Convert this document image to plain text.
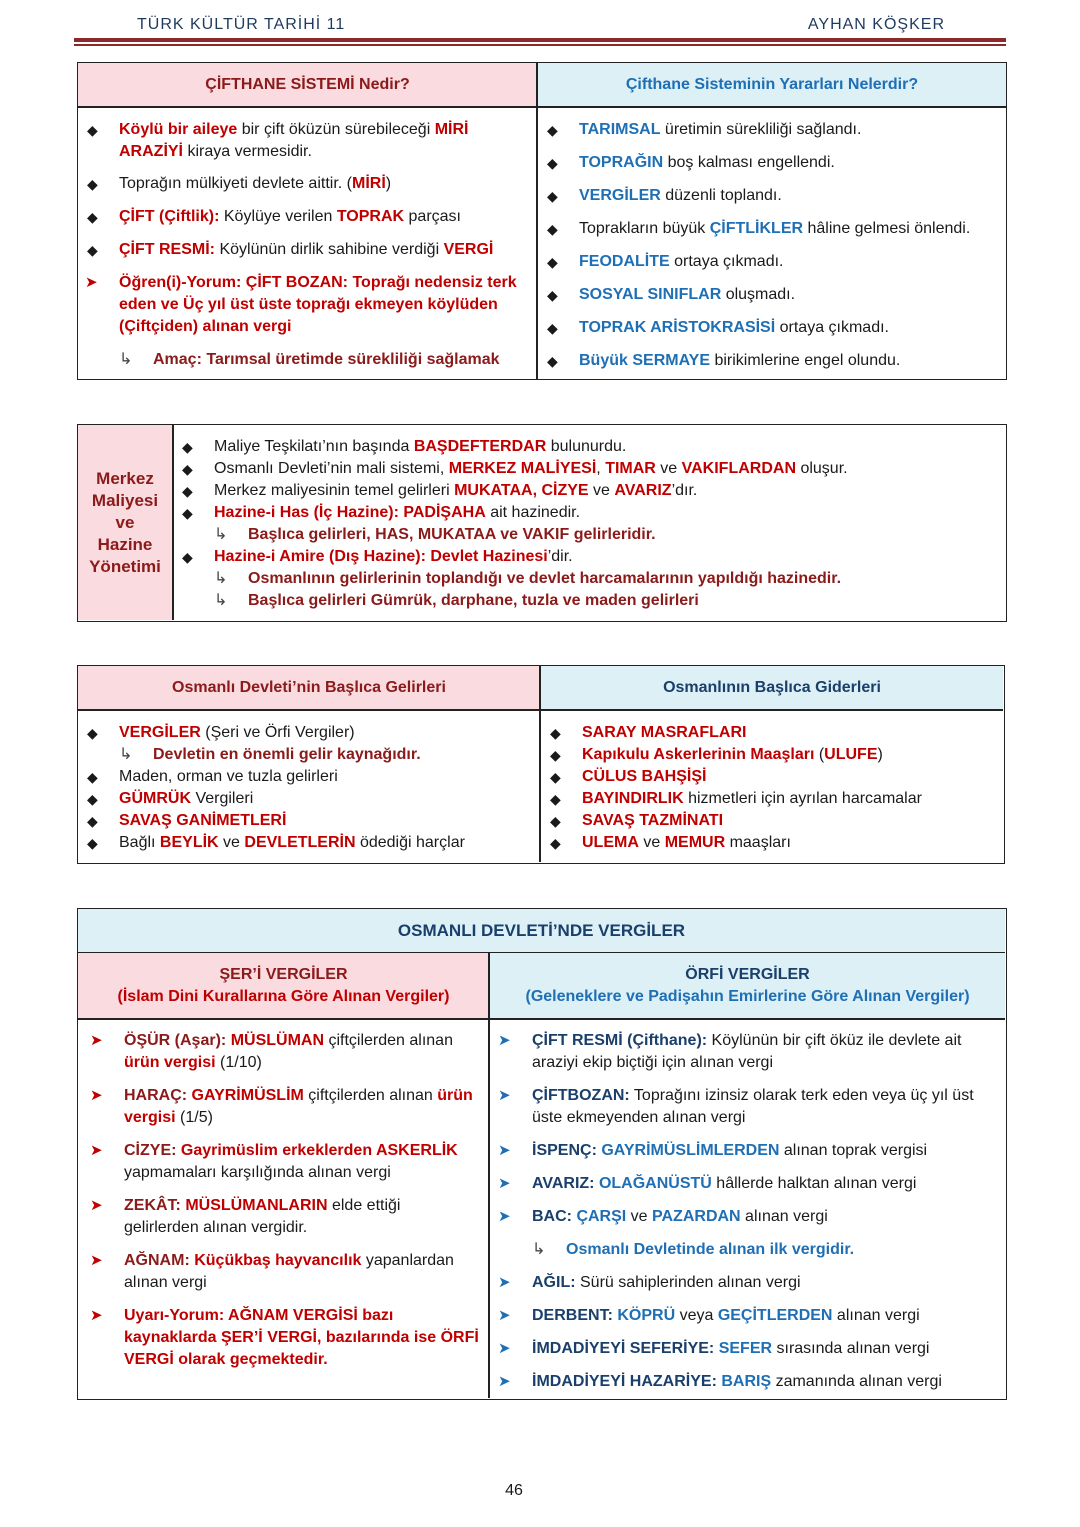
TÜRK KÜLTÜR TARİHİ 11	AYHAN KÖŞKER
ÇİFTHANE SİSTEMİ Nedir?	Çifthane Sisteminin Yararları Nelerdir?
◆ Köylü bir aileye bir çift öküzün sürebileceği MİRİ
ARAZİYİ kiraya vermesidir.
◆ Toprağın mülkiyeti devlete aittir. (MİRİ)
◆ ÇİFT (Çiftlik): Köylüye verilen TOPRAK parçası
◆ ÇİFT RESMİ: Köylünün dirlik sahibine verdiği VERGİ
➤ Öğren(i)-Yorum: ÇİFT BOZAN: Toprağı nedensiz terk
eden ve Üç yıl üst üste toprağı ekmeyen köylüden
(Çiftçiden) alınan vergi
↳ Amaç: Tarımsal üretimde sürekliliği sağlamak
◆ TARIMSAL üretimin sürekliliği sağlandı.
◆ TOPRAĞIN boş kalması engellendi.
◆ VERGİLER düzenli toplandı.
◆ Toprakların büyük ÇİFTLİKLER hâline gelmesi önlendi.
◆ FEODALİTE ortaya çıkmadı.
◆ SOSYAL SINIFLAR oluşmadı.
◆ TOPRAK ARİSTOKRASİSİ ortaya çıkmadı.
◆ Büyük SERMAYE birikimlerine engel olundu.
Merkez
Maliyesi
ve
Hazine
Yönetimi
◆ Maliye Teşkilatı’nın başında BAŞDEFTERDAR bulunurdu.
◆ Osmanlı Devleti’nin mali sistemi, MERKEZ MALİYESİ, TIMAR ve VAKIFLARDAN oluşur.
◆ Merkez maliyesinin temel gelirleri MUKATAA, CİZYE ve AVARIZ’dır.
◆ Hazine-i Has (İç Hazine): PADİŞAHA ait hazinedir.
↳ Başlıca gelirleri, HAS, MUKATAA ve VAKIF gelirleridir.
◆ Hazine-i Amire (Dış Hazine): Devlet Hazinesi’dir.
↳ Osmanlının gelirlerinin toplandığı ve devlet harcamalarının yapıldığı hazinedir.
↳ Başlıca gelirleri Gümrük, darphane, tuzla ve maden gelirleri
Osmanlı Devleti’nin Başlıca Gelirleri	Osmanlının Başlıca Giderleri
◆ VERGİLER (Şeri ve Örfi Vergiler)
↳ Devletin en önemli gelir kaynağıdır.
◆ Maden, orman ve tuzla gelirleri
◆ GÜMRÜK Vergileri
◆ SAVAŞ GANİMETLERİ
◆ Bağlı BEYLİK ve DEVLETLERİN ödediği harçlar
◆ SARAY MASRAFLARI
◆ Kapıkulu Askerlerinin Maaşları (ULUFE)
◆ CÜLUS BAHŞİŞİ
◆ BAYINDIRLIK hizmetleri için ayrılan harcamalar
◆ SAVAŞ TAZMİNATI
◆ ULEMA ve MEMUR maaşları
OSMANLI DEVLETİ’NDE VERGİLER
ŞER’İ VERGİLER
(İslam Dini Kurallarına Göre Alınan Vergiler)
ÖRFİ VERGİLER
(Geleneklere ve Padişahın Emirlerine Göre Alınan Vergiler)
➤ ÖŞÜR (Aşar): MÜSLÜMAN çiftçilerden alınan
ürün vergisi (1/10)
➤ HARAÇ: GAYRİMÜSLİM çiftçilerden alınan ürün
vergisi (1/5)
➤ CİZYE: Gayrimüslim erkeklerden ASKERLİK
yapmamaları karşılığında alınan vergi
➤ ZEKÂT: MÜSLÜMANLARIN elde ettiği
gelirlerden alınan vergidir.
➤ AĞNAM: Küçükbaş hayvancılık yapanlardan
alınan vergi
➤ Uyarı-Yorum: AĞNAM VERGİSİ bazı
kaynaklarda ŞER’İ VERGİ, bazılarında ise ÖRFİ
VERGİ olarak geçmektedir.
➤ ÇİFT RESMİ (Çifthane): Köylünün bir çift öküz ile devlete ait
araziyi ekip biçtiği için alınan vergi
➤ ÇİFTBOZAN: Toprağını izinsiz olarak terk eden veya üç yıl üst
üste ekmeyenden alınan vergi
➤ İSPENÇ: GAYRİMÜSLİMLERDEN alınan toprak vergisi
➤ AVARIZ: OLAĞANÜSTÜ hâllerde halktan alınan vergi
➤ BAC: ÇARŞI ve PAZARDAN alınan vergi
↳ Osmanlı Devletinde alınan ilk vergidir.
➤ AĞIL: Sürü sahiplerinden alınan vergi
➤ DERBENT: KÖPRÜ veya GEÇİTLERDEN alınan vergi
➤ İMDADİYEYİ SEFERİYE: SEFER sırasında alınan vergi
➤ İMDADİYEYİ HAZARİYE: BARIŞ zamanında alınan vergi
46
